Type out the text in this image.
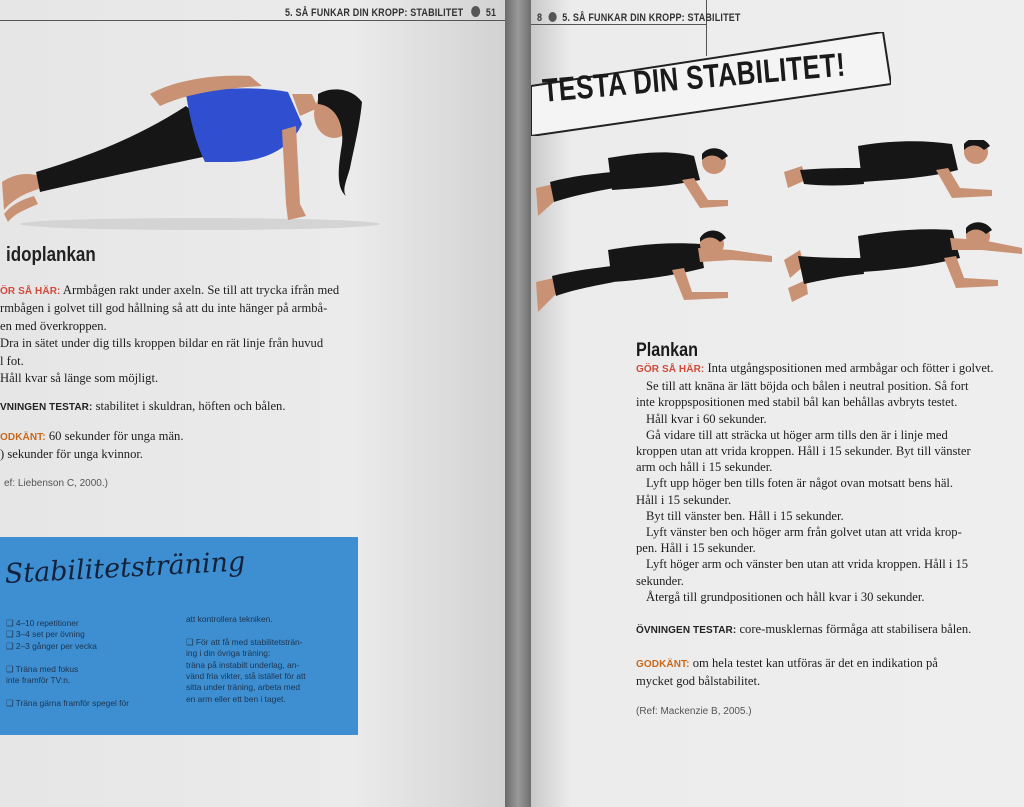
5. SÅ FUNKAR DIN KROPP: STABILITET 51
idoplankan

ÖR SÅ HÄR: Armbågen rakt under axeln. Se till att trycka ifrån med

rmbågen i golvet till god hållning så att du inte hänger på armbå-

en med överkroppen.

Dra in sätet under dig tills kroppen bildar en rät linje från huvud

l fot.

Håll kvar så länge som möjligt.

VNINGEN TESTAR: stabilitet i skuldran, höften och bålen.

ODKÄNT: 60 sekunder för unga män.

) sekunder för unga kvinnor.

ef: Liebenson C, 2000.)
Stabilitetsträning

❑ 4–10 repetitioner

❑ 3–4 set per övning

❑ 2–3 gånger per vecka

❑ Träna med fokus

inte framför TV:n.

❑ Träna gärna framför spegel för

att kontrollera tekniken.

❑ För att få med stabilitetsträn-

ing i din övriga träning:

träna på instabilt underlag, an-

vänd fria vikter, stå istället för att

sitta under träning, arbeta med

en arm eller ett ben i taget.

8 5. SÅ FUNKAR DIN KROPP: STABILITET
TESTA DIN STABILITET!
Plankan

GÖR SÅ HÄR: Inta utgångspositionen med armbågar och fötter i golvet.

Se till att knäna är lätt böjda och bålen i neutral position. Så fort

inte kroppspositionen med stabil bål kan behållas avbryts testet.

Håll kvar i 60 sekunder.

Gå vidare till att sträcka ut höger arm tills den är i linje med

kroppen utan att vrida kroppen. Håll i 15 sekunder. Byt till vänster

arm och håll i 15 sekunder.

Lyft upp höger ben tills foten är något ovan motsatt bens häl.

Håll i 15 sekunder.

Byt till vänster ben. Håll i 15 sekunder.

Lyft vänster ben och höger arm från golvet utan att vrida krop-

pen. Håll i 15 sekunder.

Lyft höger arm och vänster ben utan att vrida kroppen. Håll i 15

sekunder.

Återgå till grundpositionen och håll kvar i 30 sekunder.

ÖVNINGEN TESTAR: core-musklernas förmåga att stabilisera bålen.

GODKÄNT: om hela testet kan utföras är det en indikation på

mycket god bålstabilitet.

(Ref: Mackenzie B, 2005.)
